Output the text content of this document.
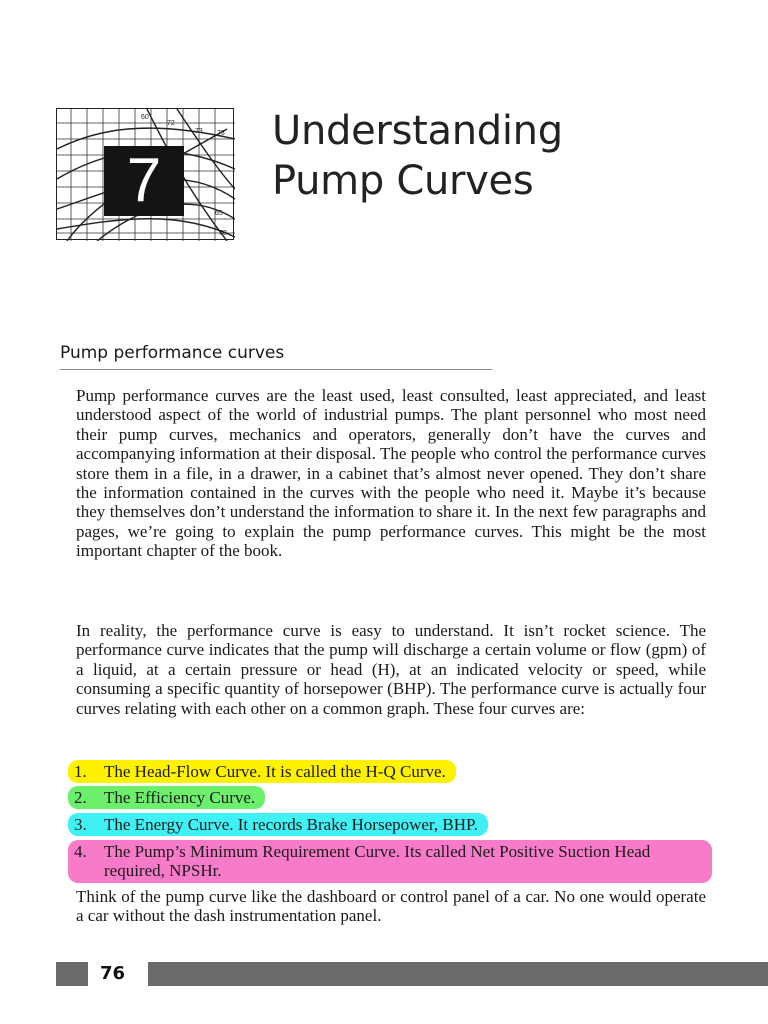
60
72
73 73
65
70
7
Understanding
Pump Curves
Pump performance curves

Pump performance curves are the least used, least consulted, least appreciated, and least understood aspect of the world of industrial pumps. The plant personnel who most need their pump curves, mechanics and operators, generally don’t have the curves and accompanying information at their disposal. The people who control the performance curves store them in a file, in a drawer, in a cabinet that’s almost never opened. They don’t share the information contained in the curves with the people who need it. Maybe it’s because they themselves don’t understand the information to share it. In the next few paragraphs and pages, we’re going to explain the pump performance curves. This might be the most important chapter of the book.

In reality, the performance curve is easy to understand. It isn’t rocket science. The performance curve indicates that the pump will discharge a certain volume or flow (gpm) of a liquid, at a certain pressure or head (H), at an indicated velocity or speed, while consuming a specific quantity of horsepower (BHP). The performance curve is actually four curves relating with each other on a common graph. These four curves are:

1. The Head-Flow Curve. It is called the H-Q Curve.
2. The Efficiency Curve.
3. The Energy Curve. It records Brake Horsepower, BHP.
4. The Pump’s Minimum Requirement Curve. Its called Net Positive Suction Head required, NPSHr.

Think of the pump curve like the dashboard or control panel of a car. No one would operate a car without the dash instrumentation panel.

76
